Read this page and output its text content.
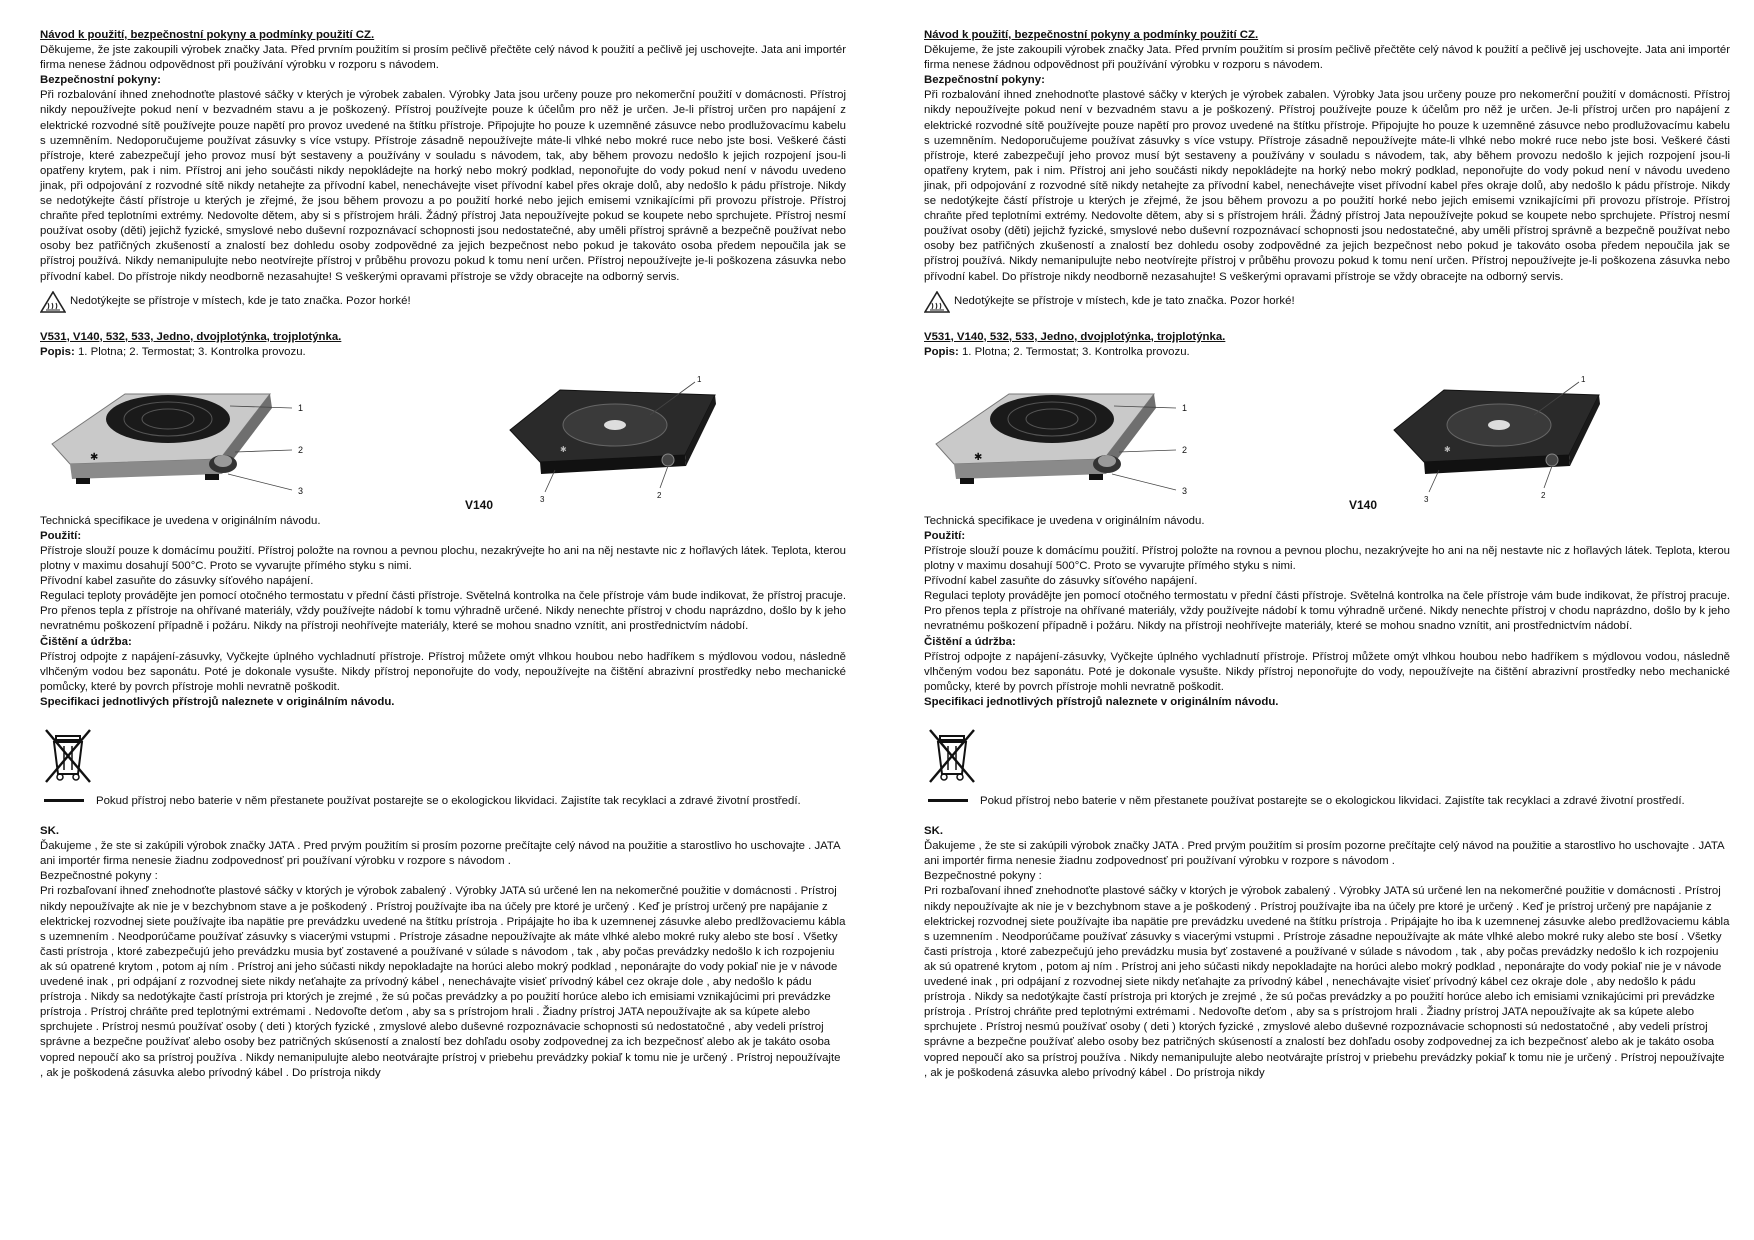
Návod k použití, bezpečnostní pokyny a podmínky použití CZ.

Děkujeme, že jste zakoupili výrobek značky Jata. Před prvním použitím si prosím pečlivě přečtěte celý návod k použití a pečlivě jej uschovejte. Jata ani importér firma nenese žádnou odpovědnost při používání výrobku v rozporu s návodem.

Bezpečnostní pokyny:

Při rozbalování ihned znehodnoťte plastové sáčky v kterých je výrobek zabalen. Výrobky Jata jsou určeny pouze pro nekomerční použití v domácnosti. Přístroj nikdy nepoužívejte pokud není v bezvadném stavu a je poškozený. Přístroj používejte pouze k účelům pro něž je určen. Je-li přístroj určen pro napájení z elektrické rozvodné sítě používejte pouze napětí pro provoz uvedené na štítku přístroje. Připojujte ho pouze k uzemněné zásuvce nebo prodlužovacímu kabelu s uzemněním. Nedoporučujeme používat zásuvky s více vstupy. Přístroje zásadně nepoužívejte máte-li vlhké nebo mokré ruce nebo jste bosi. Veškeré části přístroje, které zabezpečují jeho provoz musí být sestaveny a používány v souladu s návodem, tak, aby během provozu nedošlo k jejich rozpojení jsou-li opatřeny krytem, pak i nim. Přístroj ani jeho součásti nikdy nepokládejte na horký nebo mokrý podklad, neponořujte do vody pokud není v návodu uvedeno jinak, při odpojování z rozvodné sítě nikdy netahejte za přívodní kabel, nenechávejte viset přívodní kabel přes okraje dolů, aby nedošlo k pádu přístroje. Nikdy se nedotýkejte částí přístroje u kterých je zřejmé, že jsou během provozu a po použití horké nebo jejich emisemi vznikajícími při provozu přístroje. Přístroj chraňte před teplotními extrémy. Nedovolte dětem, aby si s přístrojem hráli. Žádný přístroj Jata nepoužívejte pokud se koupete nebo sprchujete. Přístroj nesmí používat osoby (děti) jejichž fyzické, smyslové nebo duševní rozpoznávací schopnosti jsou nedostatečné, aby uměli přístroj správně a bezpečně používat nebo osoby bez patřičných zkušeností a znalostí bez dohledu osoby zodpovědné za jejich bezpečnost nebo pokud je takováto osoba předem nepoučila jak se přístroj používá. Nikdy nemanipulujte nebo neotvírejte přístroj v průběhu provozu pokud k tomu není určen. Přístroj nepoužívejte je-li poškozena zásuvka nebo přívodní kabel. Do přístroje nikdy neodborně nezasahujte! S veškerými opravami přístroje se vždy obracejte na odborný servis.

Nedotýkejte se přístroje v místech, kde je tato značka. Pozor horké!

V531, V140, 532, 533, Jedno, dvojplotýnka, trojplotýnka.

Popis: 1. Plotna; 2. Termostat; 3. Kontrolka provozu.

✱
1
2
3
V140
✱
1
2
3

Technická specifikace je uvedena v originálním návodu.

Použití:

Přístroje slouží pouze k domácímu použití. Přístroj položte na rovnou a pevnou plochu, nezakrývejte ho ani na něj nestavte nic z hořlavých látek. Teplota, kterou plotny v maximu dosahují 500°C. Proto se vyvarujte přímého styku s nimi.

Přívodní kabel zasuňte do zásuvky síťového napájení.

Regulaci teploty provádějte jen pomocí otočného termostatu v přední části přístroje. Světelná kontrolka na čele přístroje vám bude indikovat, že přístroj pracuje. Pro přenos tepla z přístroje na ohřívané materiály, vždy používejte nádobí k tomu výhradně určené. Nikdy nenechte přístroj v chodu naprázdno, došlo by k jeho nevratnému poškození případně i požáru. Nikdy na přístroji neohřívejte materiály, které se mohou snadno vznítit, ani prostřednictvím nádobí.

Čištění a údržba:

Přístroj odpojte z napájení-zásuvky, Vyčkejte úplného vychladnutí přístroje. Přístroj můžete omýt vlhkou houbou nebo hadříkem s mýdlovou vodou, následně vlhčeným vodou bez saponátu. Poté je dokonale vysušte. Nikdy přístroj neponořujte do vody, nepoužívejte na čištění abrazivní prostředky nebo mechanické pomůcky, které by povrch přístroje mohli nevratně poškodit.

Specifikaci jednotlivých přístrojů naleznete v originálním návodu.

Pokud přístroj nebo baterie v něm přestanete používat postarejte se o ekologickou likvidaci. Zajistíte tak recyklaci a zdravé životní prostředí.

SK.

Ďakujeme , že ste si zakúpili výrobok značky JATA . Pred prvým použitím si prosím pozorne prečítajte celý návod na použitie a starostlivo ho uschovajte . JATA ani importér firma nenesie žiadnu zodpovednosť pri používaní výrobku v rozpore s návodom .

Bezpečnostné pokyny :

Pri rozbaľovaní ihneď znehodnoťte plastové sáčky v ktorých je výrobok zabalený . Výrobky JATA sú určené len na nekomerčné použitie v domácnosti . Prístroj nikdy nepoužívajte ak nie je v bezchybnom stave a je poškodený . Prístroj používajte iba na účely pre ktoré je určený . Keď je prístroj určený pre napájanie z elektrickej rozvodnej siete používajte iba napätie pre prevádzku uvedené na štítku prístroja . Pripájajte ho iba k uzemnenej zásuvke alebo predlžovaciemu kábla s uzemnením . Neodporúčame používať zásuvky s viacerými vstupmi . Prístroje zásadne nepoužívajte ak máte vlhké alebo mokré ruky alebo ste bosí . Všetky časti prístroja , ktoré zabezpečujú jeho prevádzku musia byť zostavené a používané v súlade s návodom , tak , aby počas prevádzky nedošlo k ich rozpojeniu ak sú opatrené krytom , potom aj ním . Prístroj ani jeho súčasti nikdy nepokladajte na horúci alebo mokrý podklad , neponárajte do vody pokiaľ nie je v návode uvedené inak , pri odpájaní z rozvodnej siete nikdy neťahajte za prívodný kábel , nenechávajte visieť prívodný kábel cez okraje dole , aby nedošlo k pádu prístroja . Nikdy sa nedotýkajte častí prístroja pri ktorých je zrejmé , že sú počas prevádzky a po použití horúce alebo ich emisiami vznikajúcimi pri prevádzke prístroja . Prístroj chráňte pred teplotnými extrémami . Nedovoľte deťom , aby sa s prístrojom hrali . Žiadny prístroj JATA nepoužívajte ak sa kúpete alebo sprchujete . Prístroj nesmú používať osoby ( deti ) ktorých fyzické , zmyslové alebo duševné rozpoznávacie schopnosti sú nedostatočné , aby vedeli prístroj správne a bezpečne používať alebo osoby bez patričných skúseností a znalostí bez dohľadu osoby zodpovednej za ich bezpečnosť alebo ak je takáto osoba vopred nepoučí ako sa prístroj používa . Nikdy nemanipulujte alebo neotvárajte prístroj v priebehu prevádzky pokiaľ k tomu nie je určený . Prístroj nepoužívajte , ak je poškodená zásuvka alebo prívodný kábel . Do prístroja nikdy

Návod k použití, bezpečnostní pokyny a podmínky použití CZ.

Děkujeme, že jste zakoupili výrobek značky Jata. Před prvním použitím si prosím pečlivě přečtěte celý návod k použití a pečlivě jej uschovejte. Jata ani importér firma nenese žádnou odpovědnost při používání výrobku v rozporu s návodem.

Bezpečnostní pokyny:

Při rozbalování ihned znehodnoťte plastové sáčky v kterých je výrobek zabalen. Výrobky Jata jsou určeny pouze pro nekomerční použití v domácnosti. Přístroj nikdy nepoužívejte pokud není v bezvadném stavu a je poškozený. Přístroj používejte pouze k účelům pro něž je určen. Je-li přístroj určen pro napájení z elektrické rozvodné sítě používejte pouze napětí pro provoz uvedené na štítku přístroje. Připojujte ho pouze k uzemněné zásuvce nebo prodlužovacímu kabelu s uzemněním. Nedoporučujeme používat zásuvky s více vstupy. Přístroje zásadně nepoužívejte máte-li vlhké nebo mokré ruce nebo jste bosi. Veškeré části přístroje, které zabezpečují jeho provoz musí být sestaveny a používány v souladu s návodem, tak, aby během provozu nedošlo k jejich rozpojení jsou-li opatřeny krytem, pak i nim. Přístroj ani jeho součásti nikdy nepokládejte na horký nebo mokrý podklad, neponořujte do vody pokud není v návodu uvedeno jinak, při odpojování z rozvodné sítě nikdy netahejte za přívodní kabel, nenechávejte viset přívodní kabel přes okraje dolů, aby nedošlo k pádu přístroje. Nikdy se nedotýkejte částí přístroje u kterých je zřejmé, že jsou během provozu a po použití horké nebo jejich emisemi vznikajícími při provozu přístroje. Přístroj chraňte před teplotními extrémy. Nedovolte dětem, aby si s přístrojem hráli. Žádný přístroj Jata nepoužívejte pokud se koupete nebo sprchujete. Přístroj nesmí používat osoby (děti) jejichž fyzické, smyslové nebo duševní rozpoznávací schopnosti jsou nedostatečné, aby uměli přístroj správně a bezpečně používat nebo osoby bez patřičných zkušeností a znalostí bez dohledu osoby zodpovědné za jejich bezpečnost nebo pokud je takováto osoba předem nepoučila jak se přístroj používá. Nikdy nemanipulujte nebo neotvírejte přístroj v průběhu provozu pokud k tomu není určen. Přístroj nepoužívejte je-li poškozena zásuvka nebo přívodní kabel. Do přístroje nikdy neodborně nezasahujte! S veškerými opravami přístroje se vždy obracejte na odborný servis.

Nedotýkejte se přístroje v místech, kde je tato značka. Pozor horké!

V531, V140, 532, 533, Jedno, dvojplotýnka, trojplotýnka.

Popis: 1. Plotna; 2. Termostat; 3. Kontrolka provozu.

✱
1
2
3
V140
✱
1
2
3

Technická specifikace je uvedena v originálním návodu.

Použití:

Přístroje slouží pouze k domácímu použití. Přístroj položte na rovnou a pevnou plochu, nezakrývejte ho ani na něj nestavte nic z hořlavých látek. Teplota, kterou plotny v maximu dosahují 500°C. Proto se vyvarujte přímého styku s nimi.

Přívodní kabel zasuňte do zásuvky síťového napájení.

Regulaci teploty provádějte jen pomocí otočného termostatu v přední části přístroje. Světelná kontrolka na čele přístroje vám bude indikovat, že přístroj pracuje. Pro přenos tepla z přístroje na ohřívané materiály, vždy používejte nádobí k tomu výhradně určené. Nikdy nenechte přístroj v chodu naprázdno, došlo by k jeho nevratnému poškození případně i požáru. Nikdy na přístroji neohřívejte materiály, které se mohou snadno vznítit, ani prostřednictvím nádobí.

Čištění a údržba:

Přístroj odpojte z napájení-zásuvky, Vyčkejte úplného vychladnutí přístroje. Přístroj můžete omýt vlhkou houbou nebo hadříkem s mýdlovou vodou, následně vlhčeným vodou bez saponátu. Poté je dokonale vysušte. Nikdy přístroj neponořujte do vody, nepoužívejte na čištění abrazivní prostředky nebo mechanické pomůcky, které by povrch přístroje mohli nevratně poškodit.

Specifikaci jednotlivých přístrojů naleznete v originálním návodu.

Pokud přístroj nebo baterie v něm přestanete používat postarejte se o ekologickou likvidaci. Zajistíte tak recyklaci a zdravé životní prostředí.

SK.

Ďakujeme , že ste si zakúpili výrobok značky JATA . Pred prvým použitím si prosím pozorne prečítajte celý návod na použitie a starostlivo ho uschovajte . JATA ani importér firma nenesie žiadnu zodpovednosť pri používaní výrobku v rozpore s návodom .

Bezpečnostné pokyny :

Pri rozbaľovaní ihneď znehodnoťte plastové sáčky v ktorých je výrobok zabalený . Výrobky JATA sú určené len na nekomerčné použitie v domácnosti . Prístroj nikdy nepoužívajte ak nie je v bezchybnom stave a je poškodený . Prístroj používajte iba na účely pre ktoré je určený . Keď je prístroj určený pre napájanie z elektrickej rozvodnej siete používajte iba napätie pre prevádzku uvedené na štítku prístroja . Pripájajte ho iba k uzemnenej zásuvke alebo predlžovaciemu kábla s uzemnením . Neodporúčame používať zásuvky s viacerými vstupmi . Prístroje zásadne nepoužívajte ak máte vlhké alebo mokré ruky alebo ste bosí . Všetky časti prístroja , ktoré zabezpečujú jeho prevádzku musia byť zostavené a používané v súlade s návodom , tak , aby počas prevádzky nedošlo k ich rozpojeniu ak sú opatrené krytom , potom aj ním . Prístroj ani jeho súčasti nikdy nepokladajte na horúci alebo mokrý podklad , neponárajte do vody pokiaľ nie je v návode uvedené inak , pri odpájaní z rozvodnej siete nikdy neťahajte za prívodný kábel , nenechávajte visieť prívodný kábel cez okraje dole , aby nedošlo k pádu prístroja . Nikdy sa nedotýkajte častí prístroja pri ktorých je zrejmé , že sú počas prevádzky a po použití horúce alebo ich emisiami vznikajúcimi pri prevádzke prístroja . Prístroj chráňte pred teplotnými extrémami . Nedovoľte deťom , aby sa s prístrojom hrali . Žiadny prístroj JATA nepoužívajte ak sa kúpete alebo sprchujete . Prístroj nesmú používať osoby ( deti ) ktorých fyzické , zmyslové alebo duševné rozpoznávacie schopnosti sú nedostatočné , aby vedeli prístroj správne a bezpečne používať alebo osoby bez patričných skúseností a znalostí bez dohľadu osoby zodpovednej za ich bezpečnosť alebo ak je takáto osoba vopred nepoučí ako sa prístroj používa . Nikdy nemanipulujte alebo neotvárajte prístroj v priebehu prevádzky pokiaľ k tomu nie je určený . Prístroj nepoužívajte , ak je poškodená zásuvka alebo prívodný kábel . Do prístroja nikdy
